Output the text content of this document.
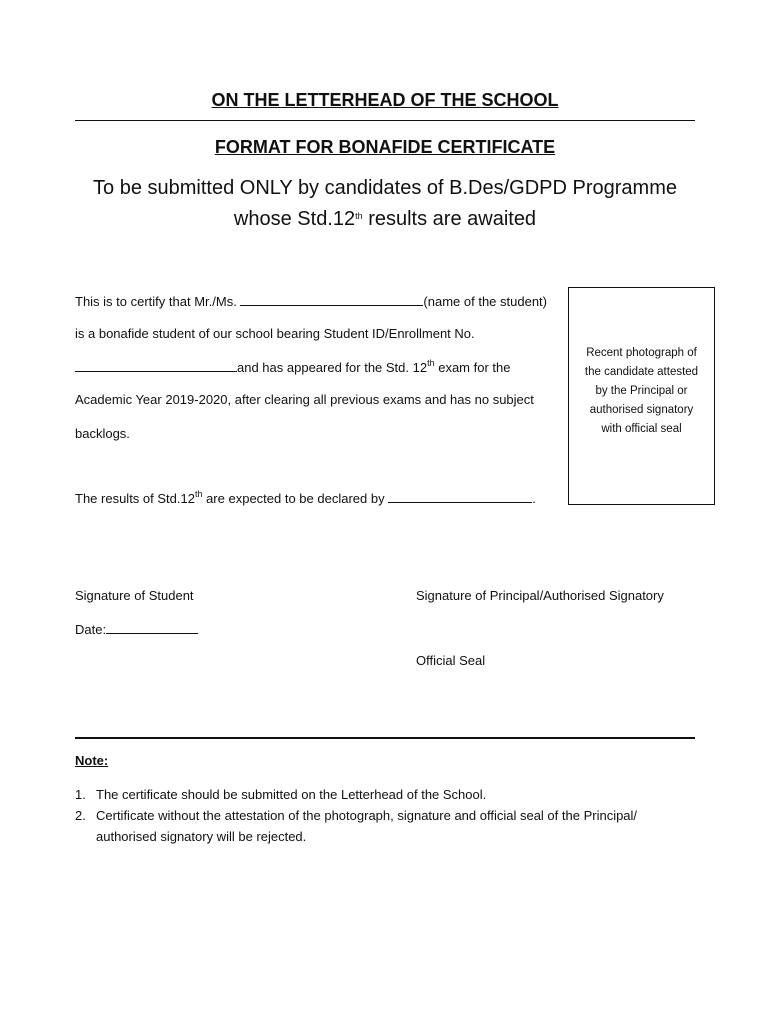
ON THE LETTERHEAD OF THE SCHOOL
FORMAT FOR BONAFIDE CERTIFICATE
To be submitted ONLY by candidates of B.Des/GDPD Programme
whose Std.12th results are awaited
This is to certify that Mr./Ms.	(name of the student)
is a bonafide student of our school bearing Student ID/Enrollment No.
and has appeared for the Std. 12th exam for the
Academic Year 2019-2020, after clearing all previous exams and has no subject
backlogs.
The results of Std.12th are expected to be declared by	.
Recent photograph of
the candidate attested
by the Principal or
authorised signatory
with official seal
Signature of Student	Signature of Principal/Authorised Signatory
Date:
Official Seal
Note:
1. The certificate should be submitted on the Letterhead of the School.
2. Certificate without the attestation of the photograph, signature and official seal of the Principal/
authorised signatory will be rejected.
